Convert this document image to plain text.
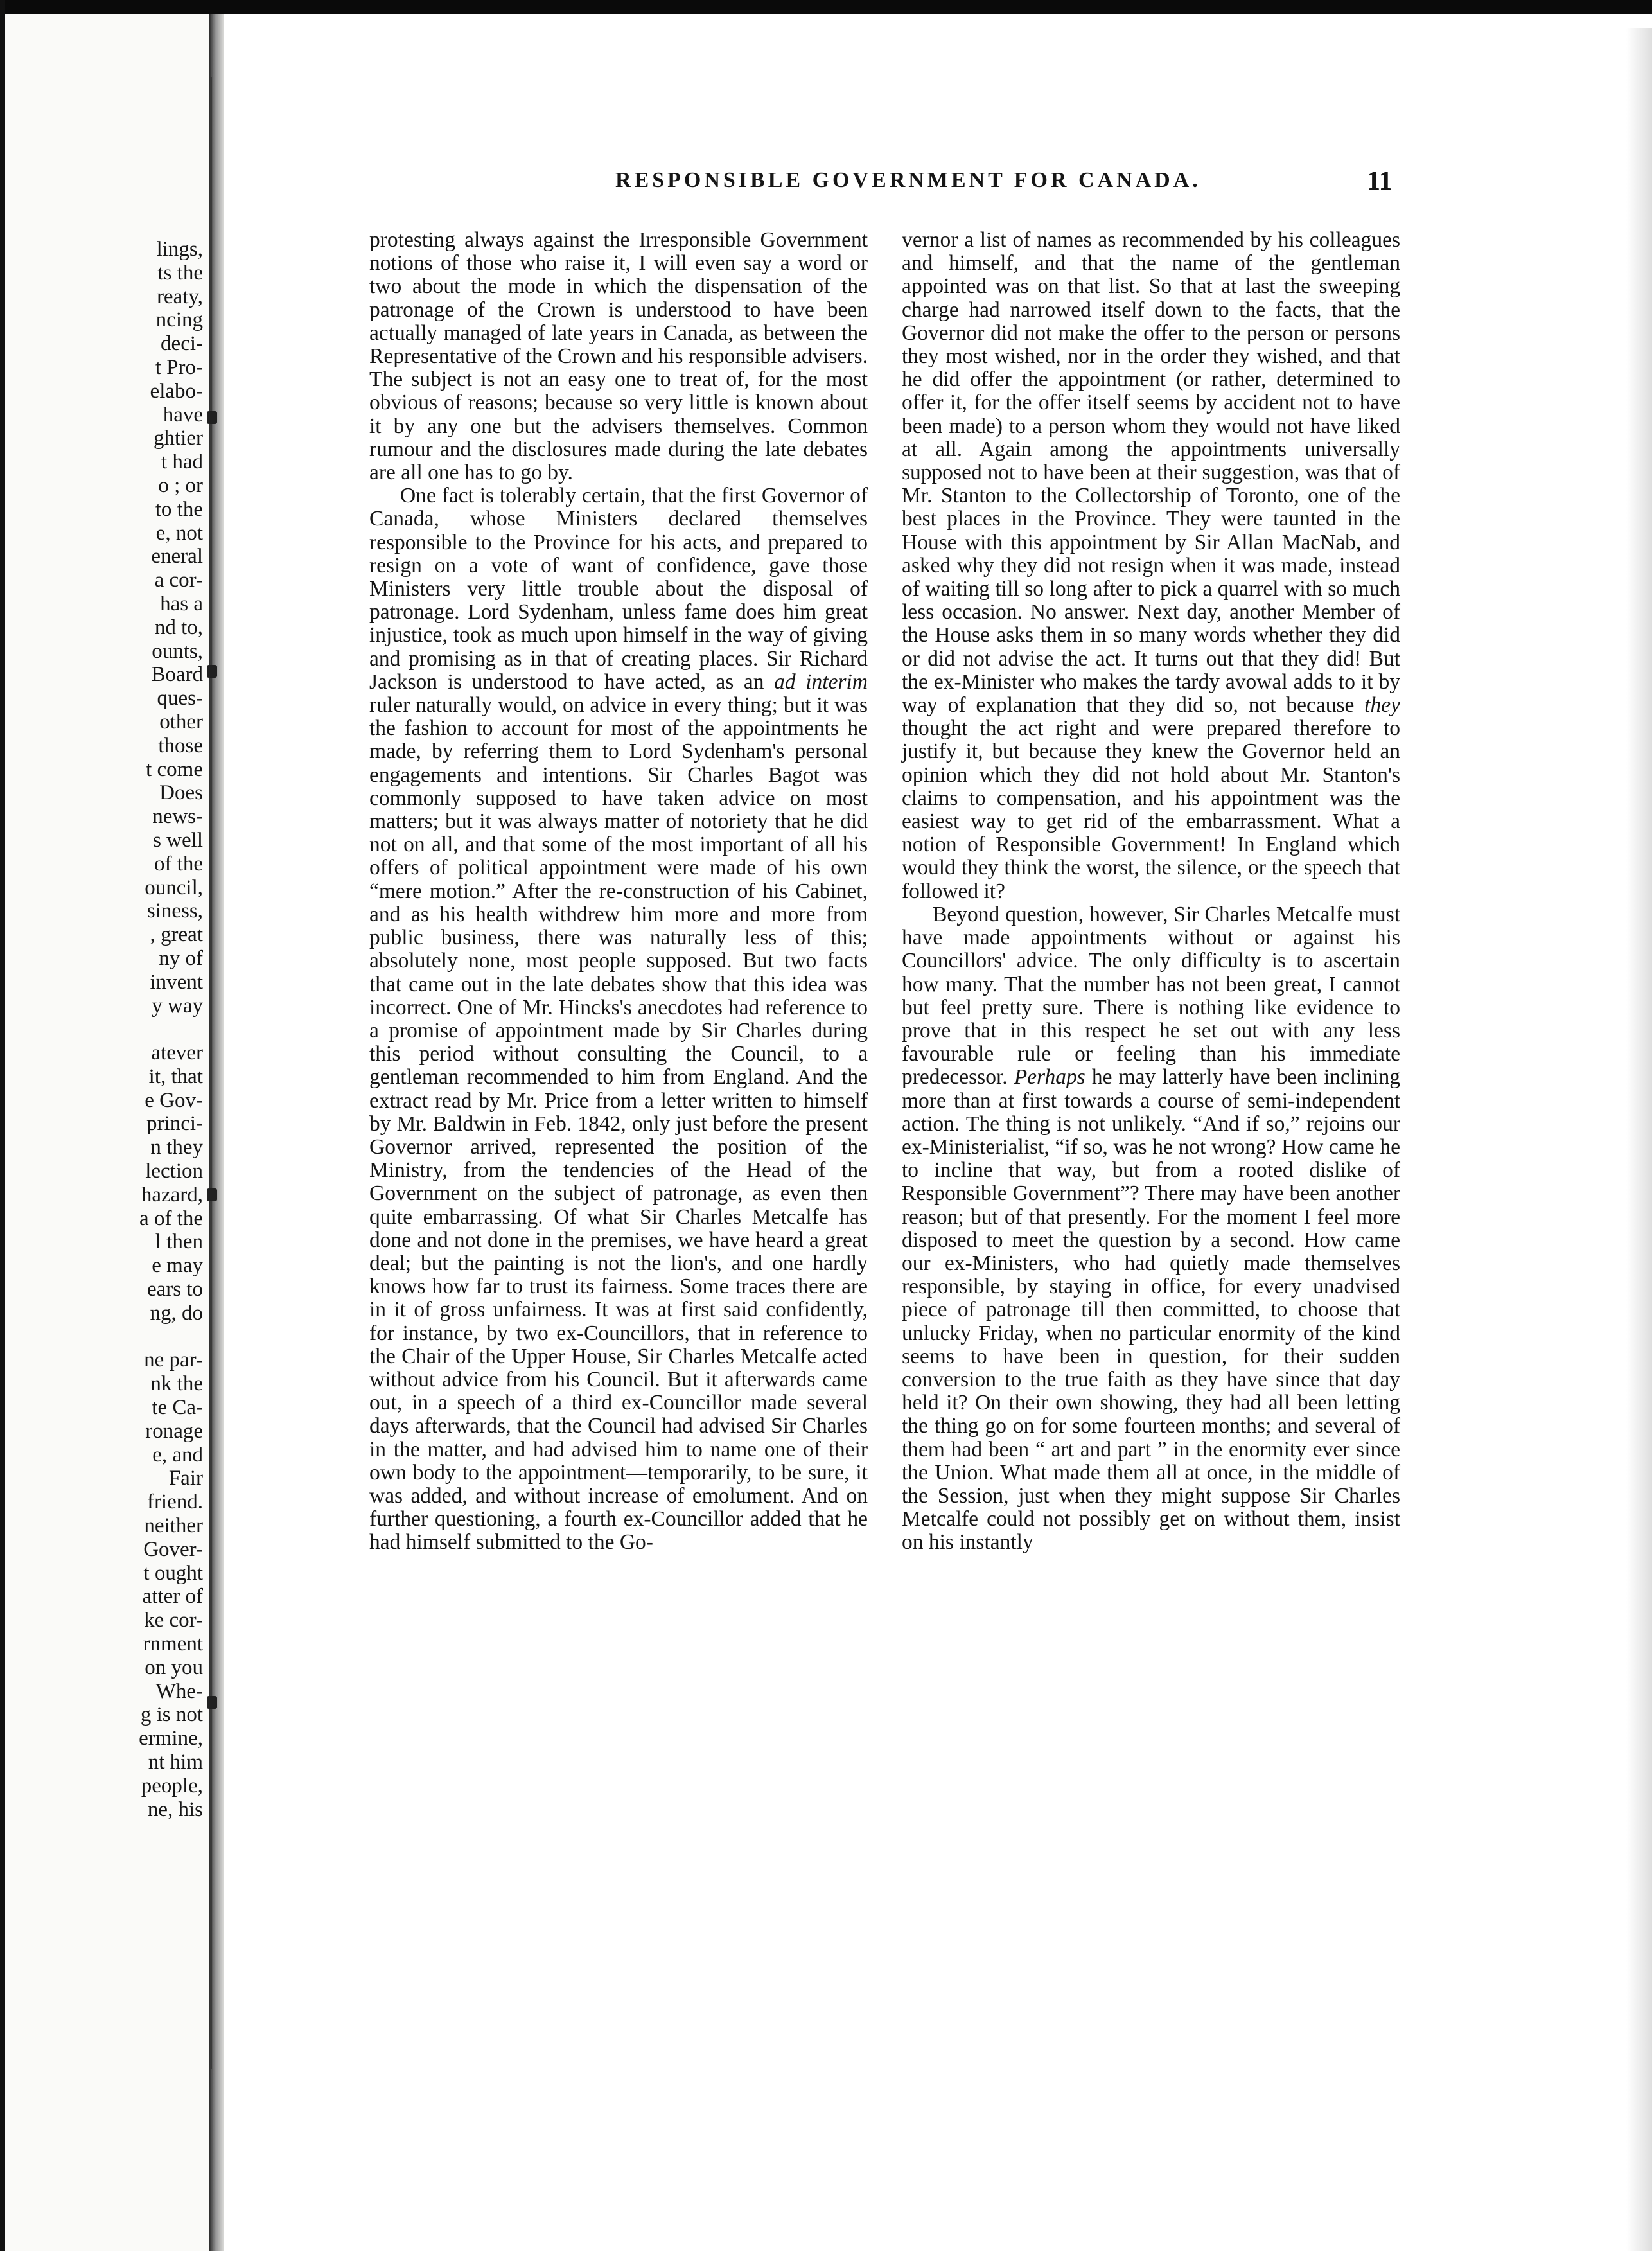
lings,
ts the
reaty,
ncing
deci-
t Pro-
elabo-
have
ghtier
t had
o ; or
to the
e, not
eneral
a cor-
has a
nd to,
ounts,
Board
ques-
other
those
t come
Does
news-
s well
of the
ouncil,
siness,
, great
ny of
invent
y way

atever
it, that
e Gov-
princi-
n they
lection
hazard,
a of the
l then
e may
ears to
ng, do

ne par-
nk the
te Ca-
ronage
e, and
Fair
friend.
neither
Gover-
t ought
atter of
ke cor-
rnment
on you
Whe-
g is not
ermine,
nt him
people,
ne, his
RESPONSIBLE GOVERNMENT FOR CANADA.	11

protesting always against the Irresponsible Government notions of those who raise it, I will even say a word or two about the mode in which the dispensation of the patronage of the Crown is understood to have been actually managed of late years in Canada, as between the Representative of the Crown and his responsible advisers. The subject is not an easy one to treat of, for the most obvious of reasons; because so very little is known about it by any one but the advisers themselves. Common rumour and the disclosures made during the late debates are all one has to go by.

One fact is tolerably certain, that the first Governor of Canada, whose Ministers declared themselves responsible to the Province for his acts, and prepared to resign on a vote of want of confidence, gave those Ministers very little trouble about the disposal of patronage. Lord Sydenham, unless fame does him great injustice, took as much upon himself in the way of giving and promising as in that of creating places. Sir Richard Jackson is understood to have acted, as an ad interim ruler naturally would, on advice in every thing; but it was the fashion to account for most of the appointments he made, by referring them to Lord Sydenham's personal engagements and intentions. Sir Charles Bagot was commonly supposed to have taken advice on most matters; but it was always matter of notoriety that he did not on all, and that some of the most important of all his offers of political appointment were made of his own “mere motion.” After the re-construction of his Cabinet, and as his health withdrew him more and more from public business, there was naturally less of this; absolutely none, most people supposed. But two facts that came out in the late debates show that this idea was incorrect. One of Mr. Hincks's anecdotes had reference to a promise of appointment made by Sir Charles during this period without consulting the Council, to a gentleman recommended to him from England. And the extract read by Mr. Price from a letter written to himself by Mr. Baldwin in Feb. 1842, only just before the present Governor arrived, represented the position of the Ministry, from the tendencies of the Head of the Government on the subject of patronage, as even then quite embarrassing. Of what Sir Charles Metcalfe has done and not done in the premises, we have heard a great deal; but the painting is not the lion's, and one hardly knows how far to trust its fairness. Some traces there are in it of gross unfairness. It was at first said confidently, for instance, by two ex-Councillors, that in reference to the Chair of the Upper House, Sir Charles Metcalfe acted without advice from his Council. But it afterwards came out, in a speech of a third ex-Councillor made several days afterwards, that the Council had advised Sir Charles in the matter, and had advised him to name one of their own body to the appointment—temporarily, to be sure, it was added, and without increase of emolument. And on further questioning, a fourth ex-Councillor added that he had himself submitted to the Go-

vernor a list of names as recommended by his colleagues and himself, and that the name of the gentleman appointed was on that list. So that at last the sweeping charge had narrowed itself down to the facts, that the Governor did not make the offer to the person or persons they most wished, nor in the order they wished, and that he did offer the appointment (or rather, determined to offer it, for the offer itself seems by accident not to have been made) to a person whom they would not have liked at all. Again among the appointments universally supposed not to have been at their suggestion, was that of Mr. Stanton to the Collectorship of Toronto, one of the best places in the Province. They were taunted in the House with this appointment by Sir Allan MacNab, and asked why they did not resign when it was made, instead of waiting till so long after to pick a quarrel with so much less occasion. No answer. Next day, another Member of the House asks them in so many words whether they did or did not advise the act. It turns out that they did! But the ex-Minister who makes the tardy avowal adds to it by way of explanation that they did so, not because they thought the act right and were prepared therefore to justify it, but because they knew the Governor held an opinion which they did not hold about Mr. Stanton's claims to compensation, and his appointment was the easiest way to get rid of the embarrassment. What a notion of Responsible Government! In England which would they think the worst, the silence, or the speech that followed it?

Beyond question, however, Sir Charles Metcalfe must have made appointments without or against his Councillors' advice. The only difficulty is to ascertain how many. That the number has not been great, I cannot but feel pretty sure. There is nothing like evidence to prove that in this respect he set out with any less favourable rule or feeling than his immediate predecessor. Perhaps he may latterly have been inclining more than at first towards a course of semi-independent action. The thing is not unlikely. “And if so,” rejoins our ex-Ministerialist, “if so, was he not wrong? How came he to incline that way, but from a rooted dislike of Responsible Government”? There may have been another reason; but of that presently. For the moment I feel more disposed to meet the question by a second. How came our ex-Ministers, who had quietly made themselves responsible, by staying in office, for every unadvised piece of patronage till then committed, to choose that unlucky Friday, when no particular enormity of the kind seems to have been in question, for their sudden conversion to the true faith as they have since that day held it? On their own showing, they had all been letting the thing go on for some fourteen months; and several of them had been “ art and part ” in the enormity ever since the Union. What made them all at once, in the middle of the Session, just when they might suppose Sir Charles Metcalfe could not possibly get on without them, insist on his instantly
